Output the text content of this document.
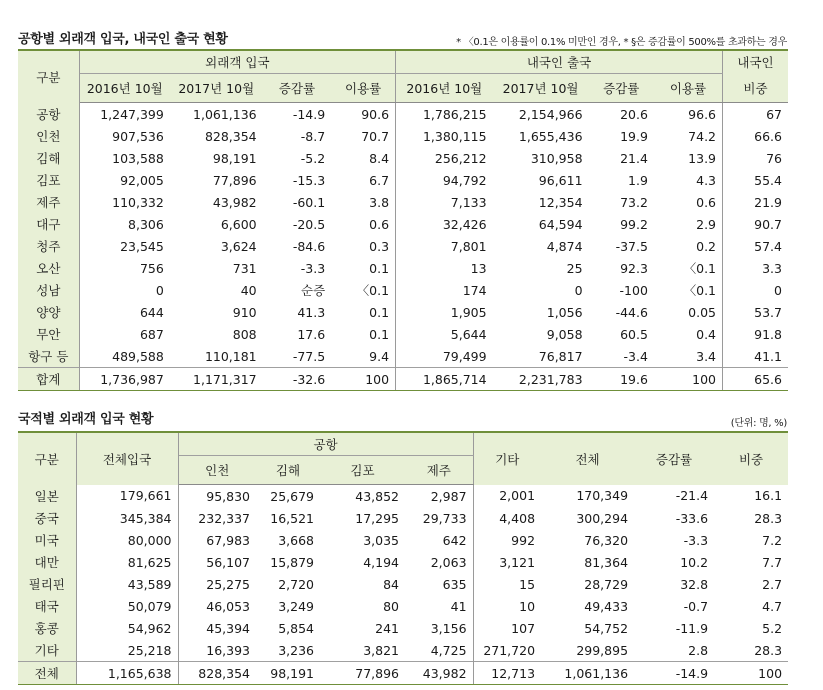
공항별 외래객 입국, 내국인 출국 현황	* 〈0.1은 이용률이 0.1% 미만인 경우, * §은 증감률이 500%를 초과하는 경우
구분	외래객 입국				내국인 출국				내국인
	2016년 10월	2017년 10월	증감률	이용률	2016년 10월	2017년 10월	증감률	이용률	비중
공항	1,247,399	1,061,136	-14.9	90.6	1,786,215	2,154,966	20.6	96.6	67
인천	907,536	828,354	-8.7	70.7	1,380,115	1,655,436	19.9	74.2	66.6
김해	103,588	98,191	-5.2	8.4	256,212	310,958	21.4	13.9	76
김포	92,005	77,896	-15.3	6.7	94,792	96,611	1.9	4.3	55.4
제주	110,332	43,982	-60.1	3.8	7,133	12,354	73.2	0.6	21.9
대구	8,306	6,600	-20.5	0.6	32,426	64,594	99.2	2.9	90.7
청주	23,545	3,624	-84.6	0.3	7,801	4,874	-37.5	0.2	57.4
오산	756	731	-3.3	0.1	13	25	92.3	〈0.1	3.3
성남	0	40	순증	〈0.1	174	0	-100	〈0.1	0
양양	644	910	41.3	0.1	1,905	1,056	-44.6	0.05	53.7
무안	687	808	17.6	0.1	5,644	9,058	60.5	0.4	91.8
항구 등	489,588	110,181	-77.5	9.4	79,499	76,817	-3.4	3.4	41.1
합계	1,736,987	1,171,317	-32.6	100	1,865,714	2,231,783	19.6	100	65.6
국적별 외래객 입국 현황	(단위: 명, %)
구분	전체입국	공항				기타	전체	증감률	비중
		인천	김해	김포	제주				
일본	179,661	95,830	25,679	43,852	2,987	2,001	170,349	-21.4	16.1
중국	345,384	232,337	16,521	17,295	29,733	4,408	300,294	-33.6	28.3
미국	80,000	67,983	3,668	3,035	642	992	76,320	-3.3	7.2
대만	81,625	56,107	15,879	4,194	2,063	3,121	81,364	10.2	7.7
필리핀	43,589	25,275	2,720	84	635	15	28,729	32.8	2.7
태국	50,079	46,053	3,249	80	41	10	49,433	-0.7	4.7
홍콩	54,962	45,394	5,854	241	3,156	107	54,752	-11.9	5.2
기타	25,218	16,393	3,236	3,821	4,725	271,720	299,895	2.8	28.3
전체	1,165,638	828,354	98,191	77,896	43,982	12,713	1,061,136	-14.9	100
